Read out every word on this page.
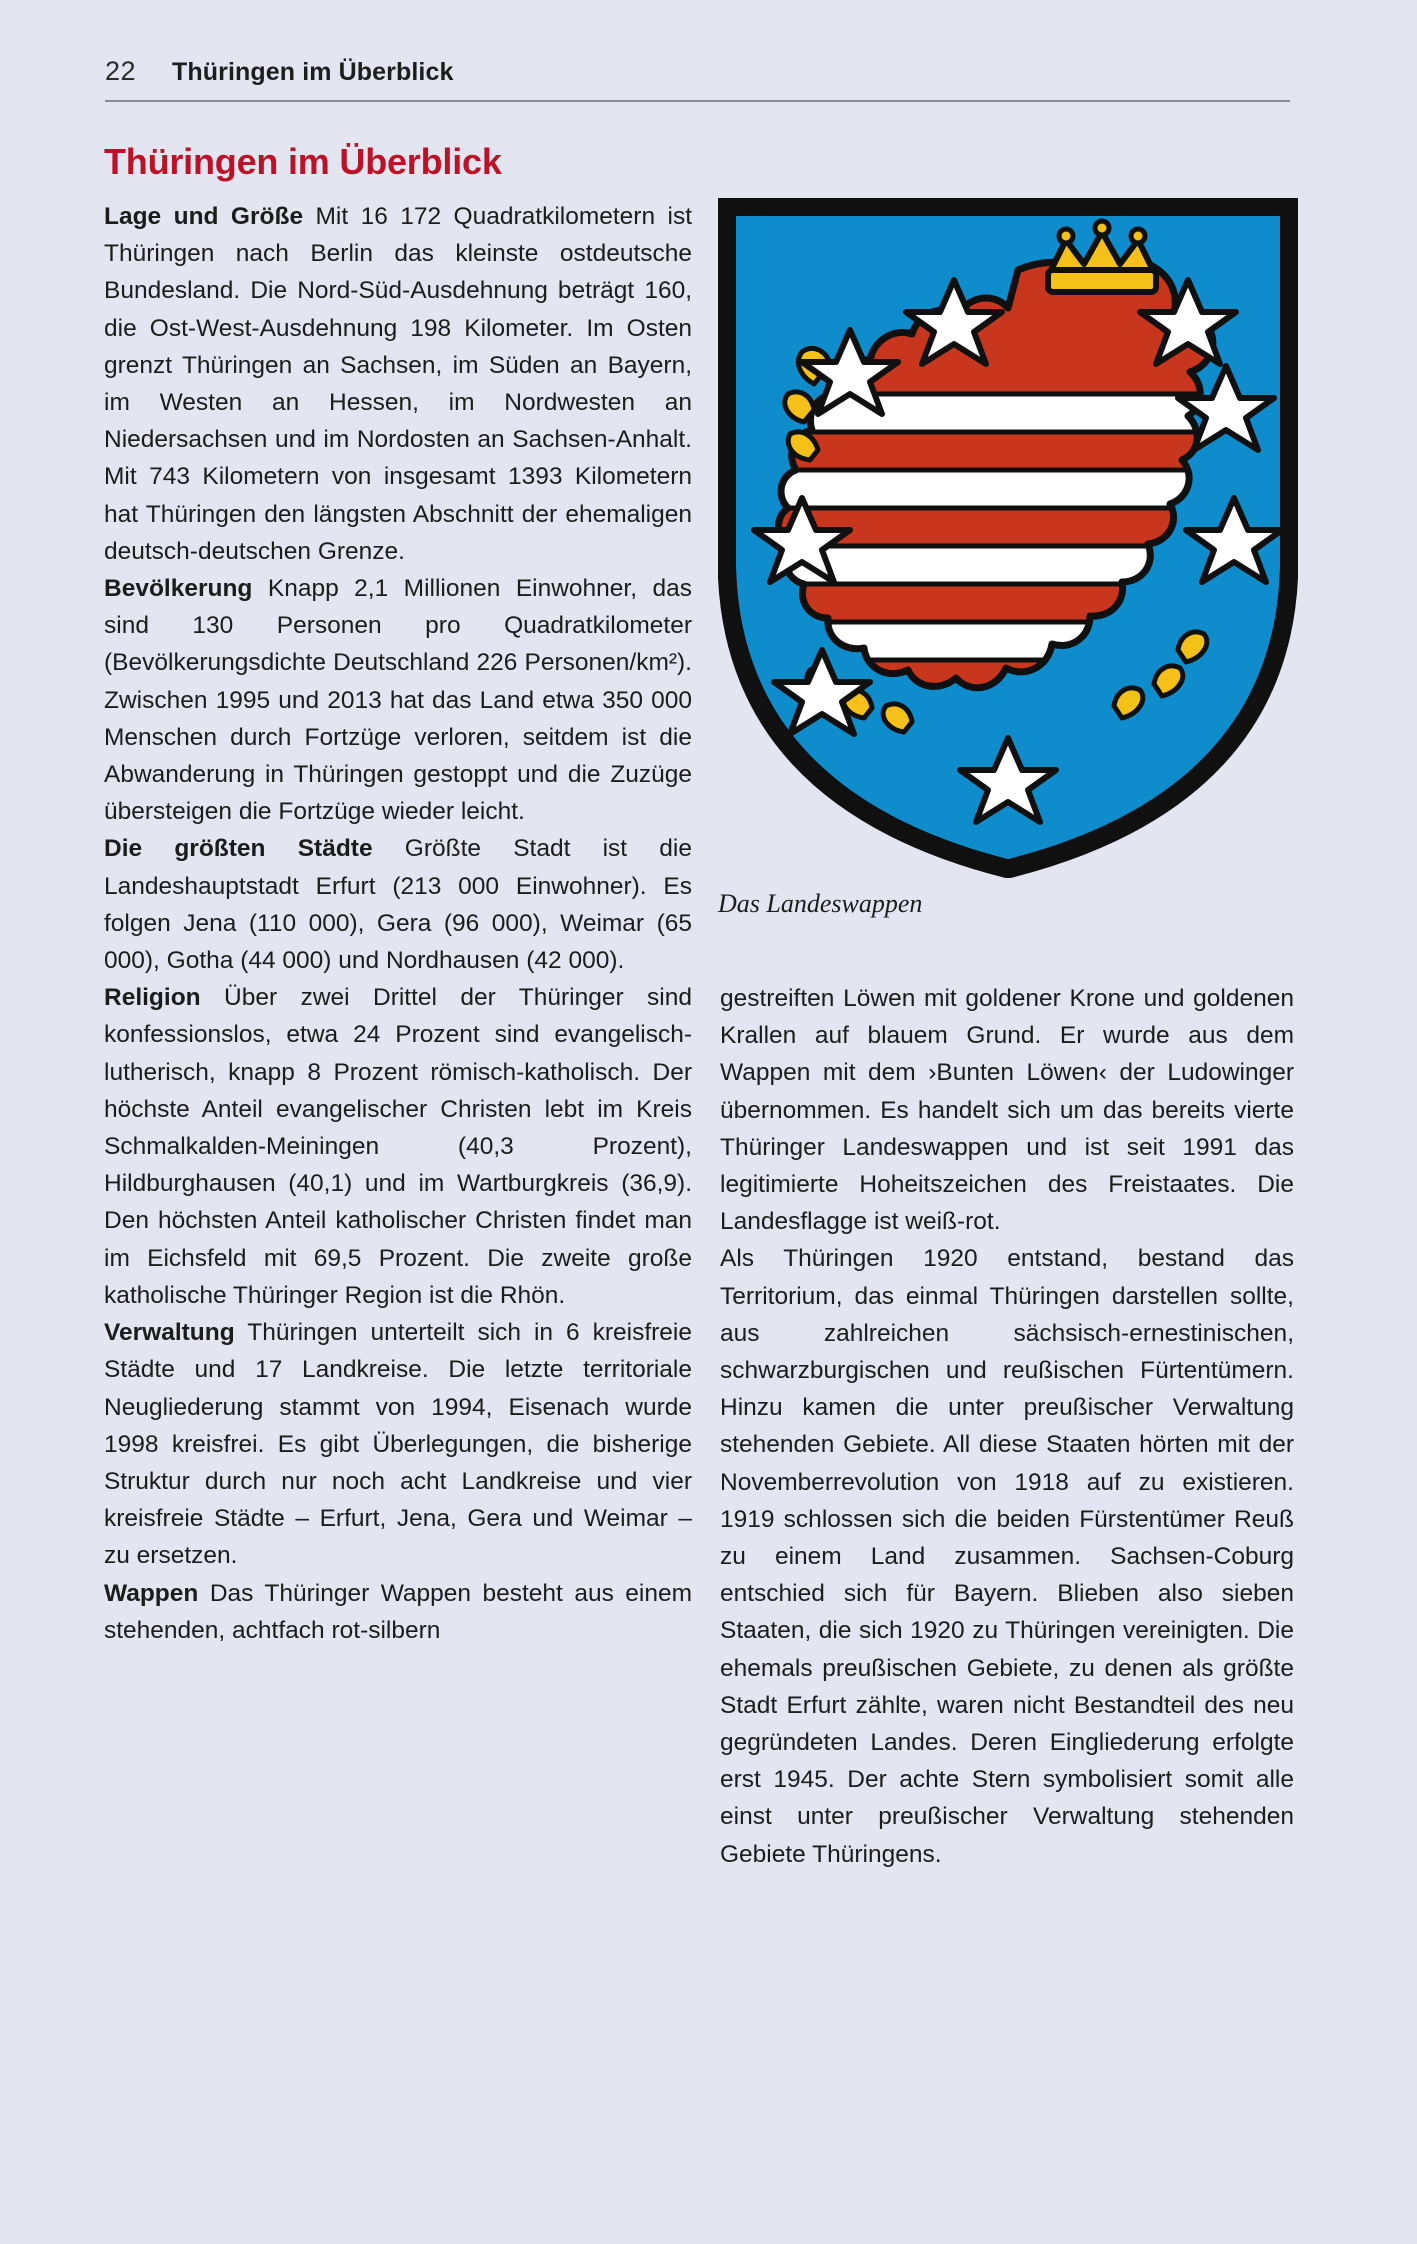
22 Thüringen im Überblick
Thüringen im Überblick
Das Landeswappen

Lage und Größe Mit 16 172 Quadratkilometern ist Thüringen nach Berlin das kleinste ostdeutsche Bundesland. Die Nord-Süd-Ausdehnung beträgt 160, die Ost-West-Ausdehnung 198 Kilometer. Im Osten grenzt Thüringen an Sachsen, im Süden an Bayern, im Westen an Hessen, im Nordwesten an Niedersachsen und im Nordosten an Sachsen-Anhalt. Mit 743 Kilometern von insgesamt 1393 Kilometern hat Thüringen den längsten Abschnitt der ehemaligen deutsch-deutschen Grenze.

Bevölkerung Knapp 2,1 Millionen Einwohner, das sind 130 Personen pro Quadratkilometer (Bevölkerungsdichte Deutschland 226 Personen/km²). Zwischen 1995 und 2013 hat das Land etwa 350 000 Menschen durch Fortzüge verloren, seitdem ist die Abwanderung in Thüringen gestoppt und die Zuzüge übersteigen die Fortzüge wieder leicht.

Die größten Städte Größte Stadt ist die Landeshauptstadt Erfurt (213 000 Einwohner). Es folgen Jena (110 000), Gera (96 000), Weimar (65 000), Gotha (44 000) und Nordhausen (42 000).

Religion Über zwei Drittel der Thüringer sind konfessionslos, etwa 24 Prozent sind evangelisch-lutherisch, knapp 8 Prozent römisch-katholisch. Der höchste Anteil evangelischer Christen lebt im Kreis Schmalkalden-Meiningen (40,3 Prozent), Hildburghausen (40,1) und im Wartburgkreis (36,9). Den höchsten Anteil katholischer Christen findet man im Eichsfeld mit 69,5 Prozent. Die zweite große katholische Thüringer Region ist die Rhön.

Verwaltung Thüringen unterteilt sich in 6 kreisfreie Städte und 17 Landkreise. Die letzte territoriale Neugliederung stammt von 1994, Eisenach wurde 1998 kreisfrei. Es gibt Überlegungen, die bisherige Struktur durch nur noch acht Landkreise und vier kreisfreie Städte – Erfurt, Jena, Gera und Weimar – zu ersetzen.

Wappen Das Thüringer Wappen besteht aus einem stehenden, achtfach rot-silbern

gestreiften Löwen mit goldener Krone und goldenen Krallen auf blauem Grund. Er wurde aus dem Wappen mit dem ›Bunten Löwen‹ der Ludowinger übernommen. Es handelt sich um das bereits vierte Thüringer Landeswappen und ist seit 1991 das legitimierte Hoheitszeichen des Freistaates. Die Landesflagge ist weiß-rot.

Als Thüringen 1920 entstand, bestand das Territorium, das einmal Thüringen darstellen sollte, aus zahlreichen sächsisch-ernestinischen, schwarzburgischen und reußischen Fürtentümern. Hinzu kamen die unter preußischer Verwaltung stehenden Gebiete. All diese Staaten hörten mit der Novemberrevolution von 1918 auf zu existieren. 1919 schlossen sich die beiden Fürstentümer Reuß zu einem Land zusammen. Sachsen-Coburg entschied sich für Bayern. Blieben also sieben Staaten, die sich 1920 zu Thüringen vereinigten. Die ehemals preußischen Gebiete, zu denen als größte Stadt Erfurt zählte, waren nicht Bestandteil des neu gegründeten Landes. Deren Eingliederung erfolgte erst 1945. Der achte Stern symbolisiert somit alle einst unter preußischer Verwaltung stehenden Gebiete Thüringens.
